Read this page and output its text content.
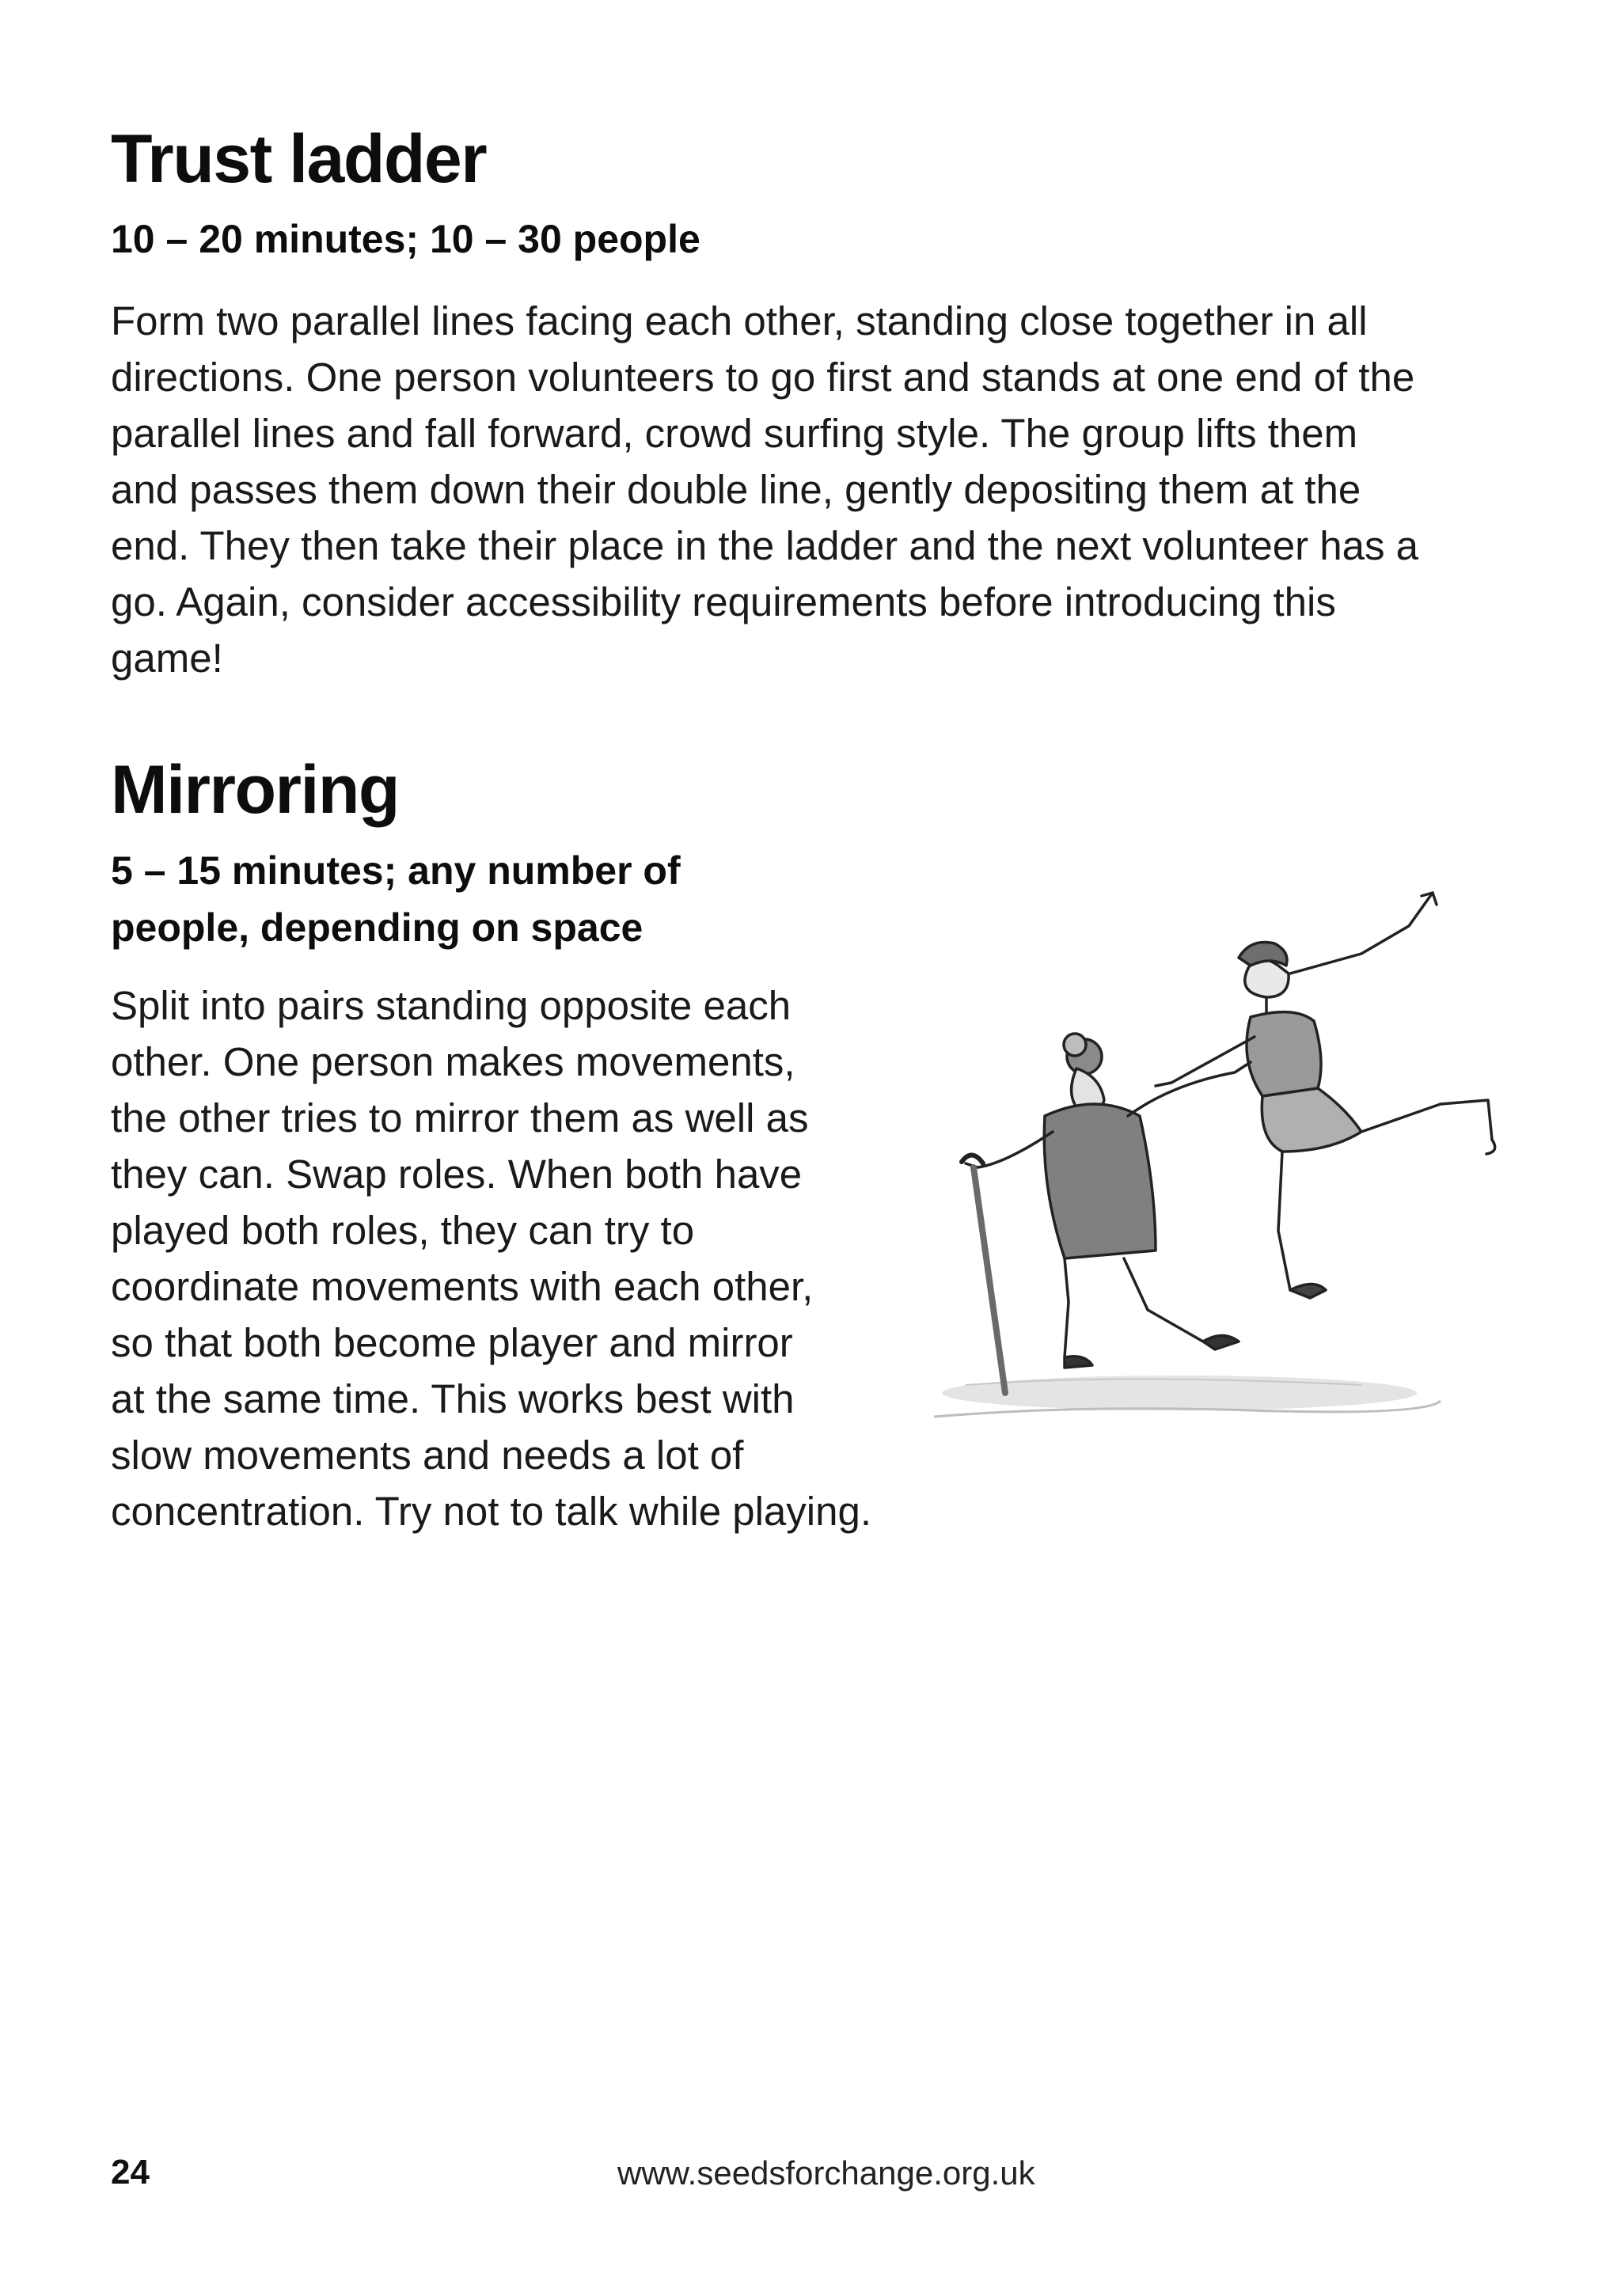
Trust ladder

10 – 20 minutes; 10 – 30 people

Form two parallel lines facing each other, standing close together in all
directions. One person volunteers to go first and stands at one end of the
parallel lines and fall forward, crowd surfing style. The group lifts them
and passes them down their double line, gently depositing them at the
end. They then take their place in the ladder and the next volunteer has a
go. Again, consider accessibility requirements before introducing this
game!

Mirroring

5 – 15 minutes; any number of
people, depending on space

Split into pairs standing opposite each
other. One person makes movements,
the other tries to mirror them as well as
they can. Swap roles. When both have
played both roles, they can try to
coordinate movements with each other,
so that both become player and mirror
at the same time. This works best with
slow movements and needs a lot of
concentration. Try not to talk while playing.

24	www.seedsforchange.org.uk
